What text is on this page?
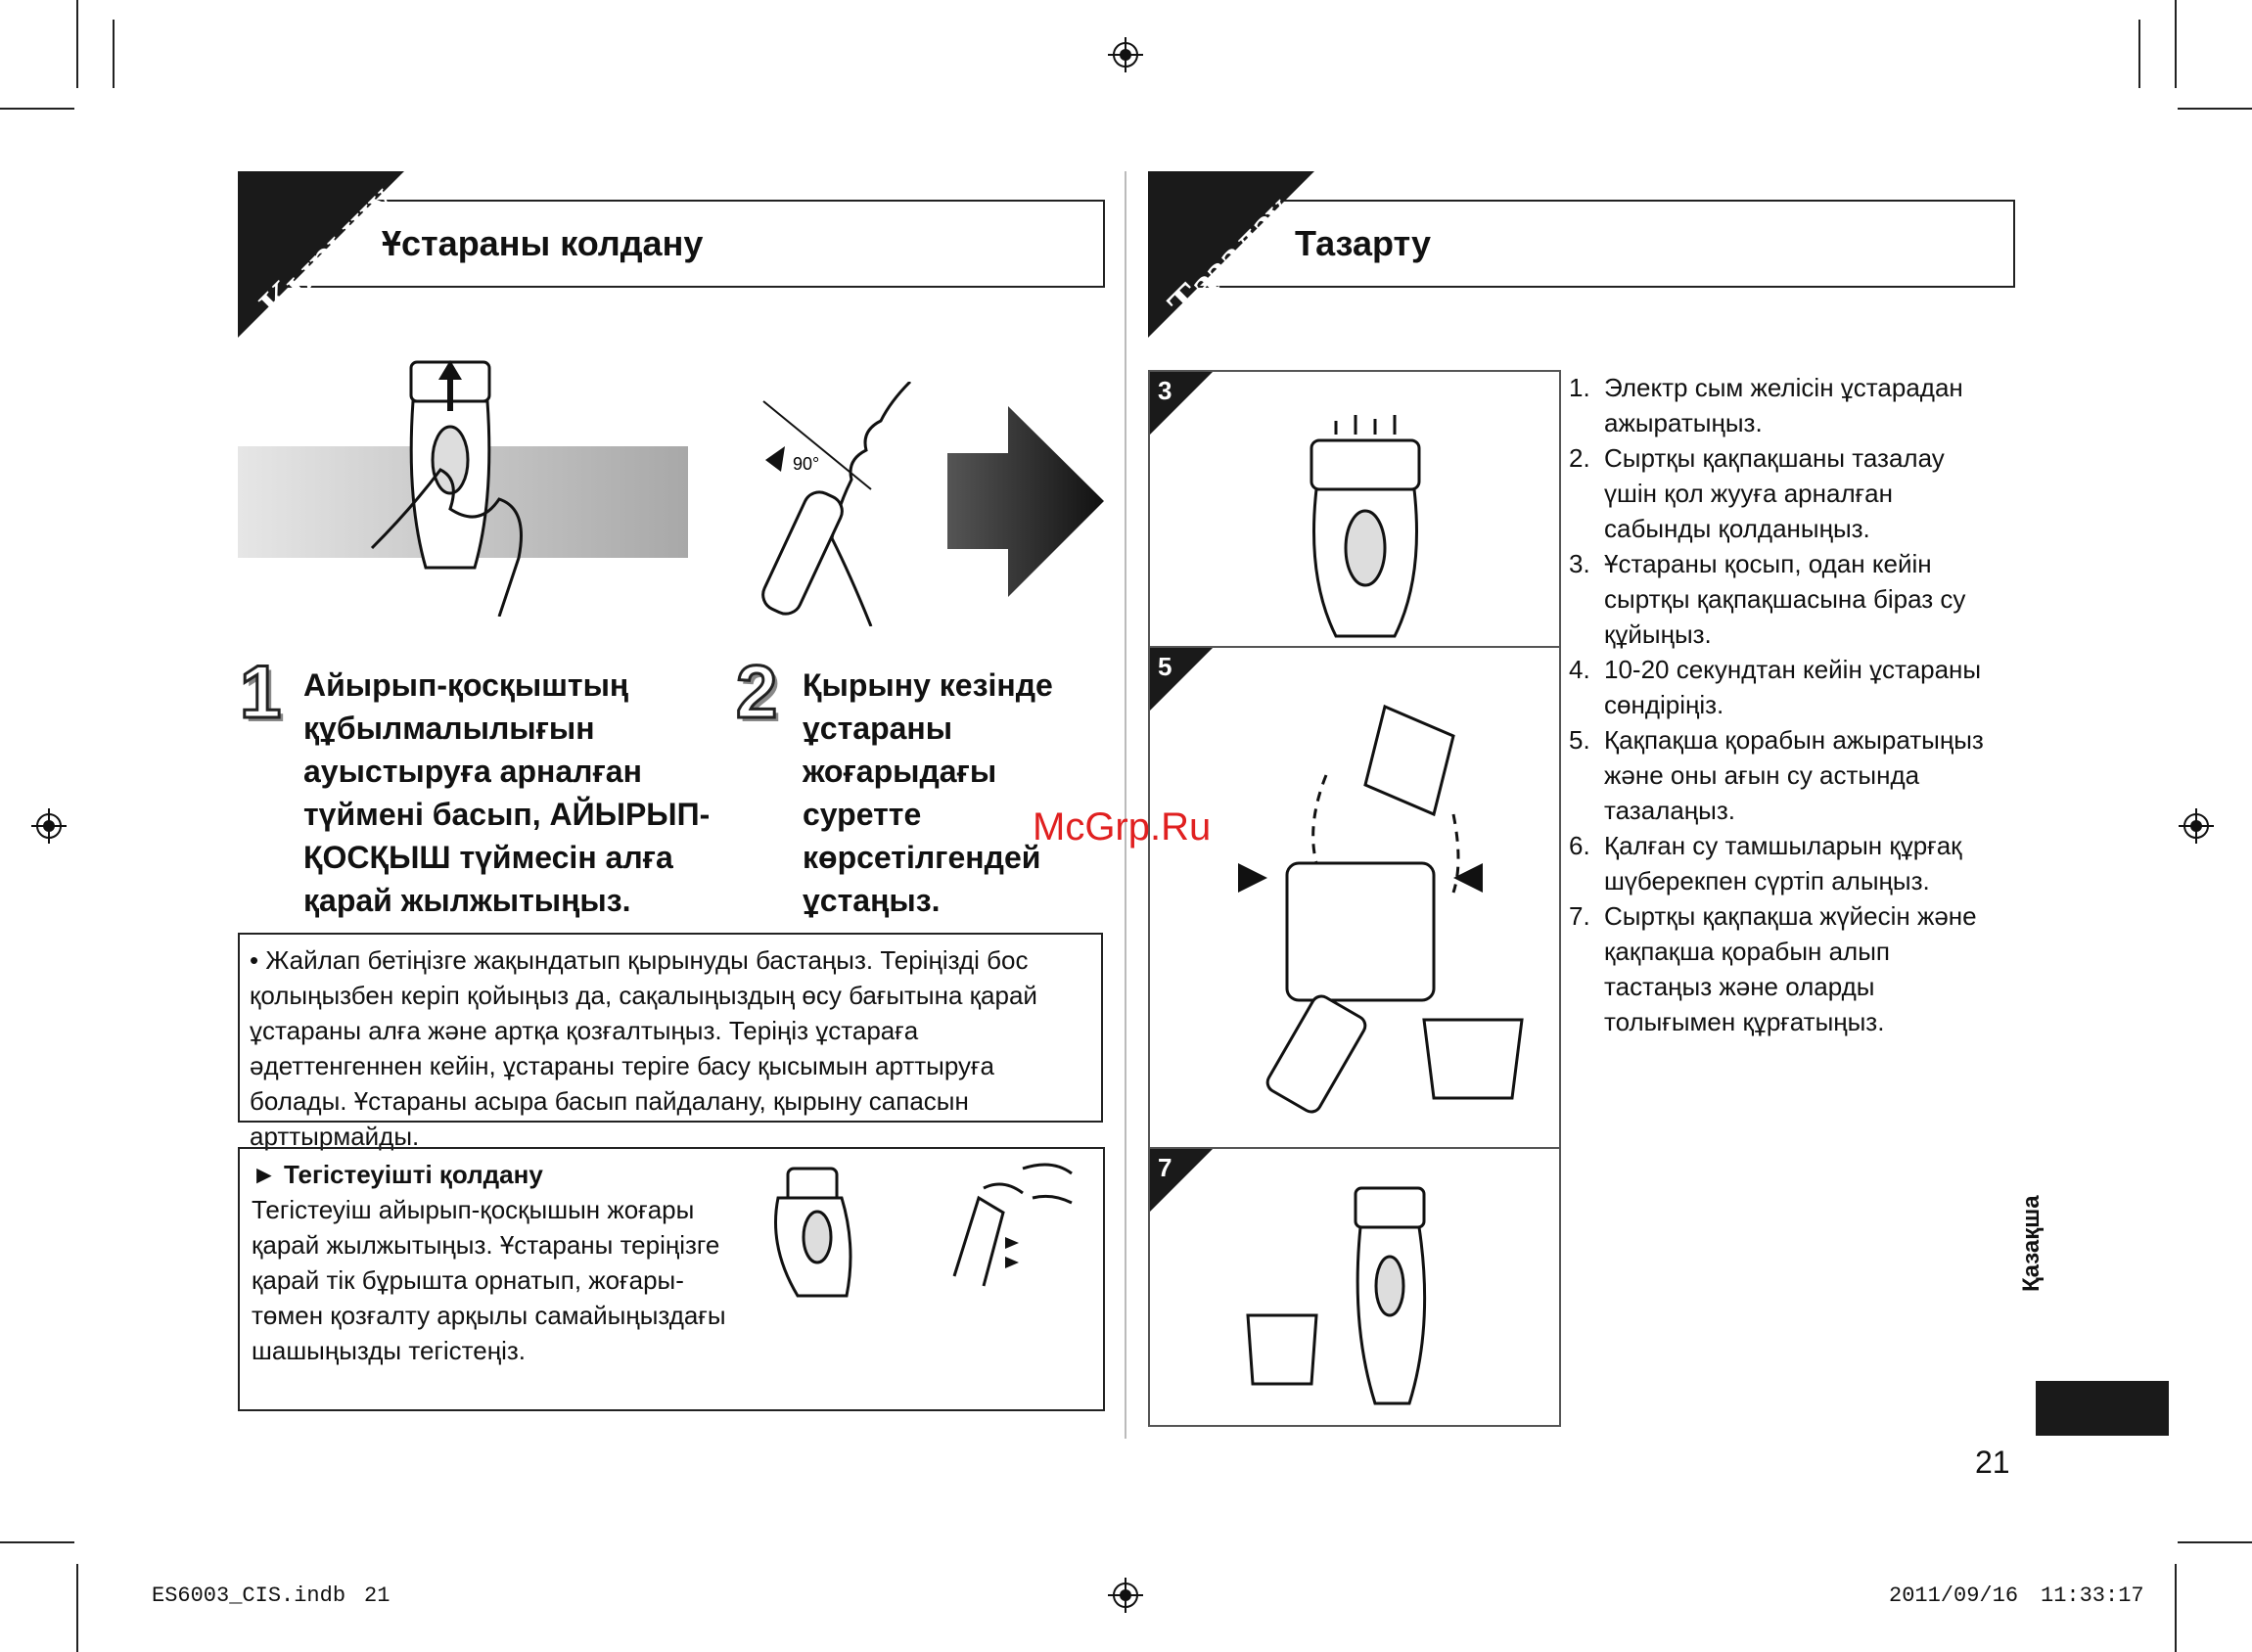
Қырыну
Ұстараны колдану
90°
1 Айырып-қосқыштың құбылмалылығын ауыстыруға арналған түймені басып, АЙЫРЫП-ҚОСҚЫШ түймесін алға қарай жылжытыңыз.
2 Қырыну кезінде ұстараны жоғарыдағы суретте көрсетілгендей ұстаңыз.
• Жайлап бетіңізге жақындатып қырынуды бастаңыз. Теріңізді бос қолыңызбен керіп қойыңыз да, сақалыңыздың өсу бағытына қарай ұстараны алға және артқа қозғалтыңыз. Теріңіз ұстараға әдеттенгеннен кейін, ұстараны теріге басу қысымын арттыруға болады. Ұстараны асыра басып пайдалану, қырыну сапасын арттырмайды.
► Тегістеуішті қолдану
Тегістеуіш айырып-қосқышын жоғары қарай жылжытыңыз. Ұстараны теріңізге қарай тік бұрышта орнатып, жоғары-төмен қозғалту арқылы самайыңыздағы шашыңызды тегістеңіз.
Тазалау
Тазарту
3
5
7
1. Электр сым желісін ұстарадан ажыратыңыз.
2. Сыртқы қақпақшаны тазалау үшін қол жууға арналған сабынды қолданыңыз.
3. Ұстараны қосып, одан кейін сыртқы қақпақшасына біраз су құйыңыз.
4. 10-20 секундтан кейін ұстараны сөндіріңіз.
5. Қақпақша қорабын ажыратыңыз және оны ағын су астында тазалаңыз.
6. Қалған су тамшыларын құрғақ шүберекпен сүртіп алыңыз.
7. Сыртқы қақпақша жүйесін және қақпақша қорабын алып тастаңыз және оларды толығымен құрғатыңыз.
McGrp.Ru
Қазақша
21
ES6003_CIS.indb 21	2011/09/16 11:33:17
